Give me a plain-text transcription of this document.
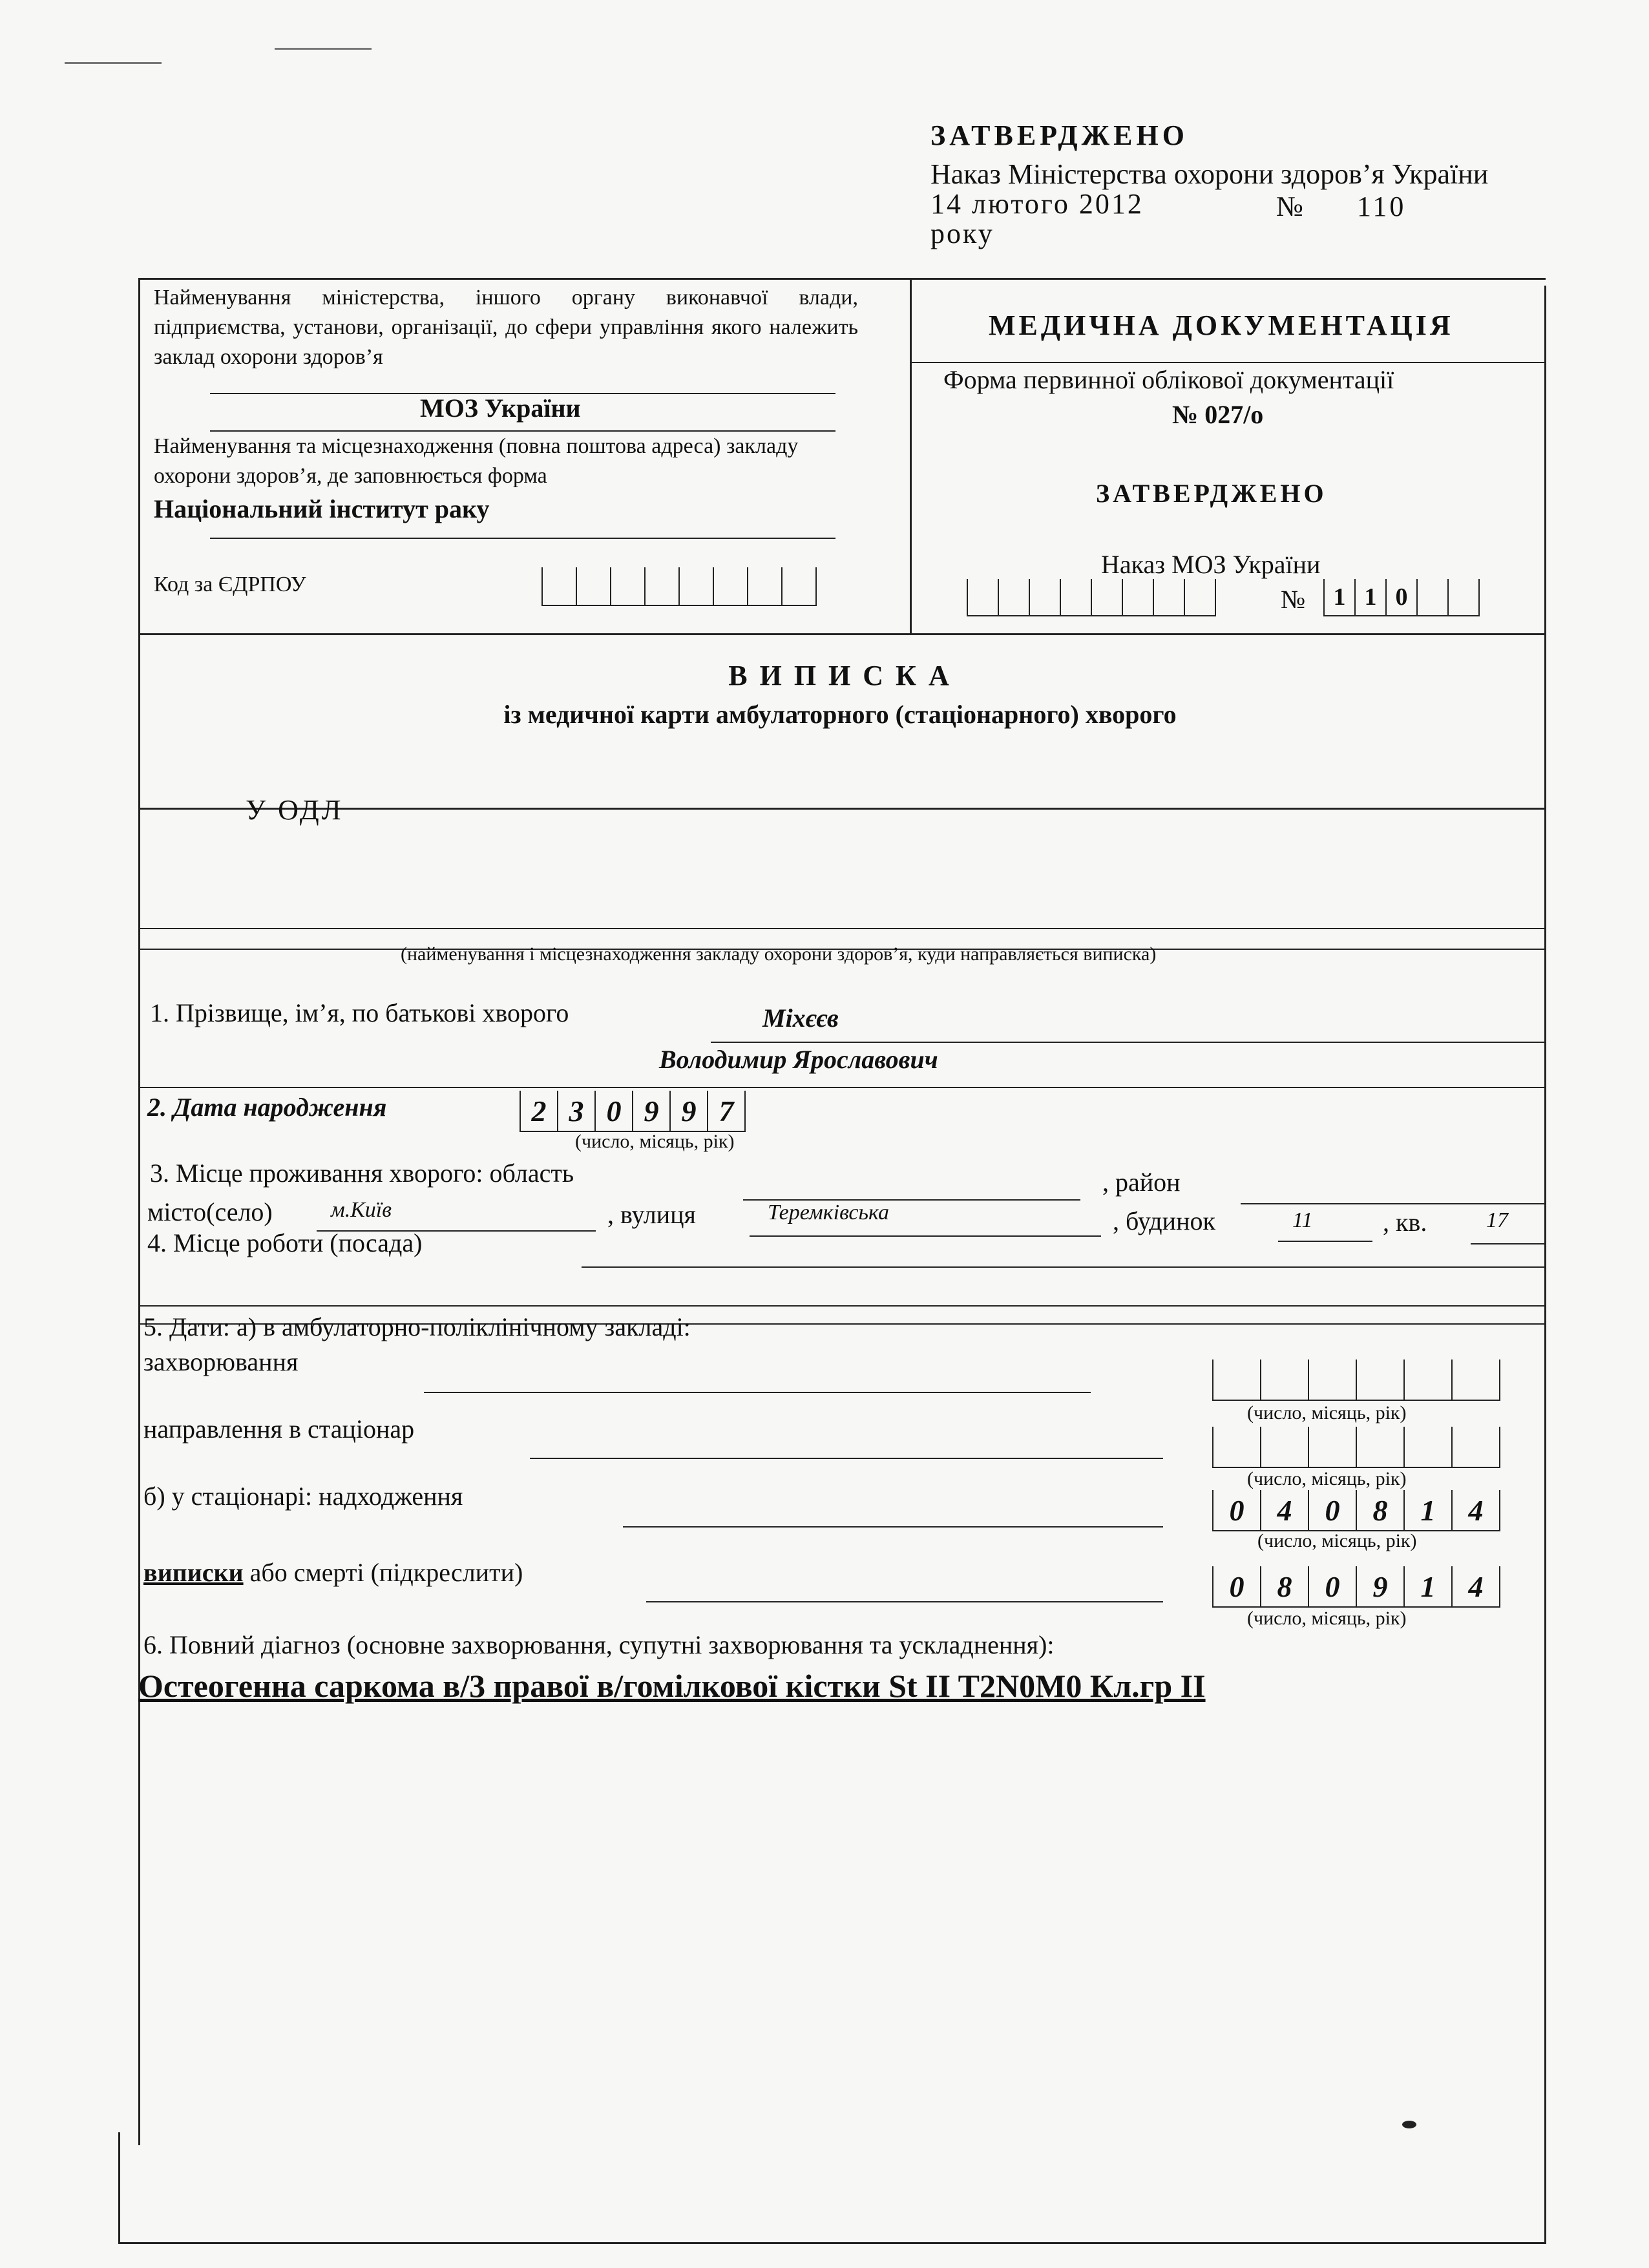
ЗАТВЕРДЖЕНО
Наказ Міністерства охорони здоров’я України
14 лютого 2012	№ 110
року
Найменування міністерства, іншого органу виконавчої влади, підприємства, установи, організації, до сфери управління якого належить заклад охорони здоров’я
МОЗ України
Найменування та місцезнаходження (повна поштова адреса) закладу охорони здоров’я, де заповнюється форма
Національний інститут раку
Код за ЄДРПОУ
МЕДИЧНА ДОКУМЕНТАЦІЯ
Форма первинної облікової документації
№ 027/о
ЗАТВЕРДЖЕНО
Наказ МОЗ України
№	1 1 0
В И П И С К А
із медичної карти амбулаторного (стаціонарного) хворого
У ОДЛ
(найменування і місцезнаходження закладу охорони здоров’я, куди направляється виписка)
1. Прізвище, ім’я, по батькові хворого	Міхєєв
Володимир Ярославович
2. Дата народження	2 3 0 9 9 7
(число, місяць, рік)
3. Місце проживання хворого: область	, район
місто(село)	м.Київ	, вулиця	Теремківська	, будинок	11	, кв.	17
4. Місце роботи (посада)
5. Дати: а) в амбулаторно-поліклінічному закладі:
захворювання
(число, місяць, рік)
направлення в стаціонар
(число, місяць, рік)
б) у стаціонарі: надходження	0	4	0	8	1	4
(число, місяць, рік)
виписки або смерті (підкреслити)	0	8	0	9	1	4
(число, місяць, рік)
6. Повний діагноз (основне захворювання, супутні захворювання та ускладнення):
Остеогенна саркома в/3 правої в/гомілкової кістки St II T2N0M0 Кл.гр II
